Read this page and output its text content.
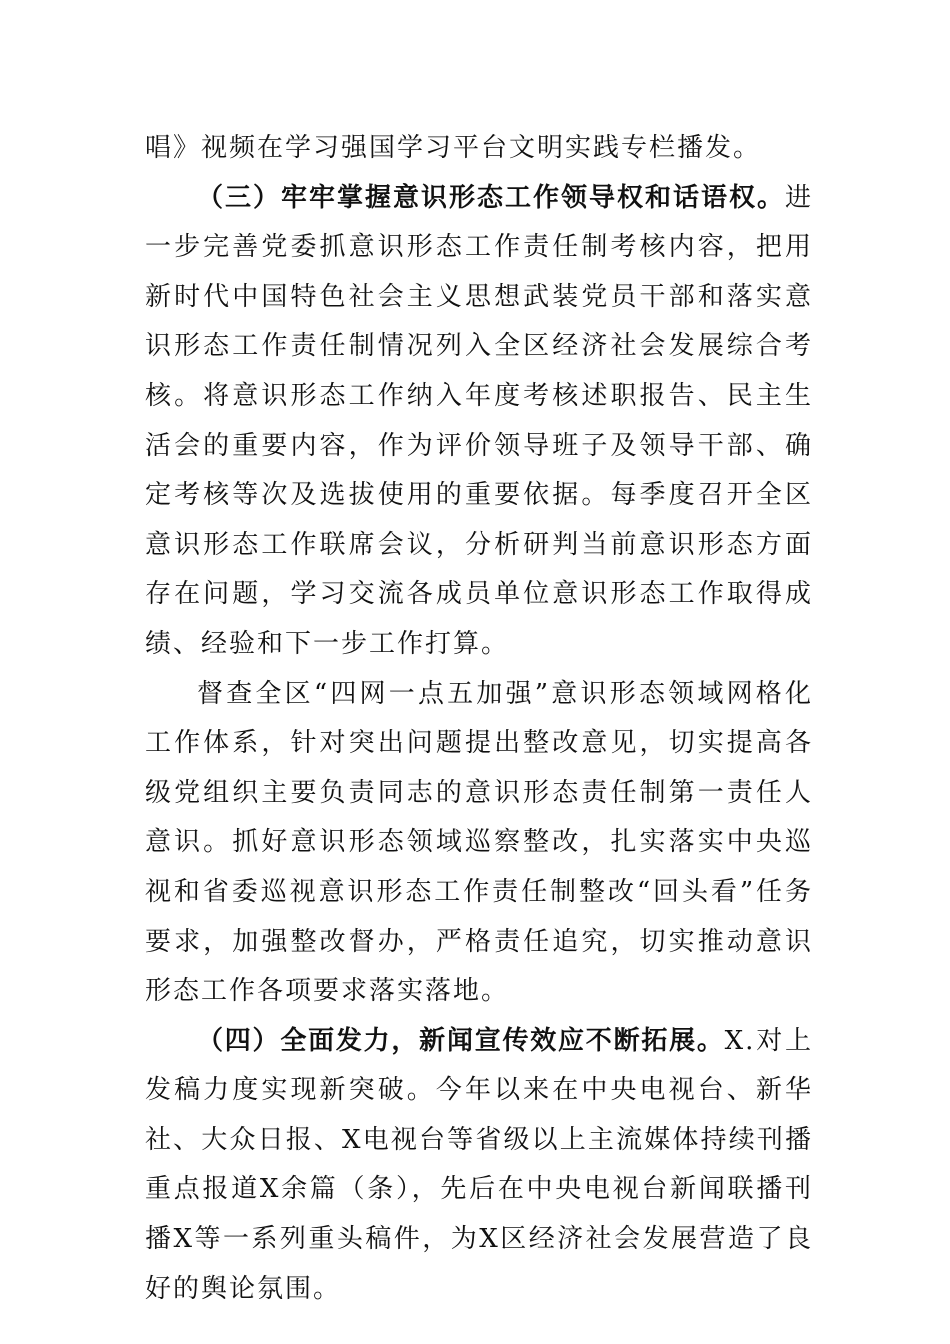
唱》视频在学习强国学习平台文明实践专栏播发。

（三）牢牢掌握意识形态工作领导权和话语权。进一步完善党委抓意识形态工作责任制考核内容，把用新时代中国特色社会主义思想武装党员干部和落实意识形态工作责任制情况列入全区经济社会发展综合考核。将意识形态工作纳入年度考核述职报告、民主生活会的重要内容，作为评价领导班子及领导干部、确定考核等次及选拔使用的重要依据。每季度召开全区意识形态工作联席会议，分析研判当前意识形态方面存在问题，学习交流各成员单位意识形态工作取得成绩、经验和下一步工作打算。

督查全区“四网一点五加强”意识形态领域网格化工作体系，针对突出问题提出整改意见，切实提高各级党组织主要负责同志的意识形态责任制第一责任人意识。抓好意识形态领域巡察整改，扎实落实中央巡视和省委巡视意识形态工作责任制整改“回头看”任务要求，加强整改督办，严格责任追究，切实推动意识形态工作各项要求落实落地。

（四）全面发力，新闻宣传效应不断拓展。X.对上发稿力度实现新突破。今年以来在中央电视台、新华社、大众日报、X电视台等省级以上主流媒体持续刊播重点报道X余篇（条），先后在中央电视台新闻联播刊播X等一系列重头稿件，为X区经济社会发展营造了良好的舆论氛围。
